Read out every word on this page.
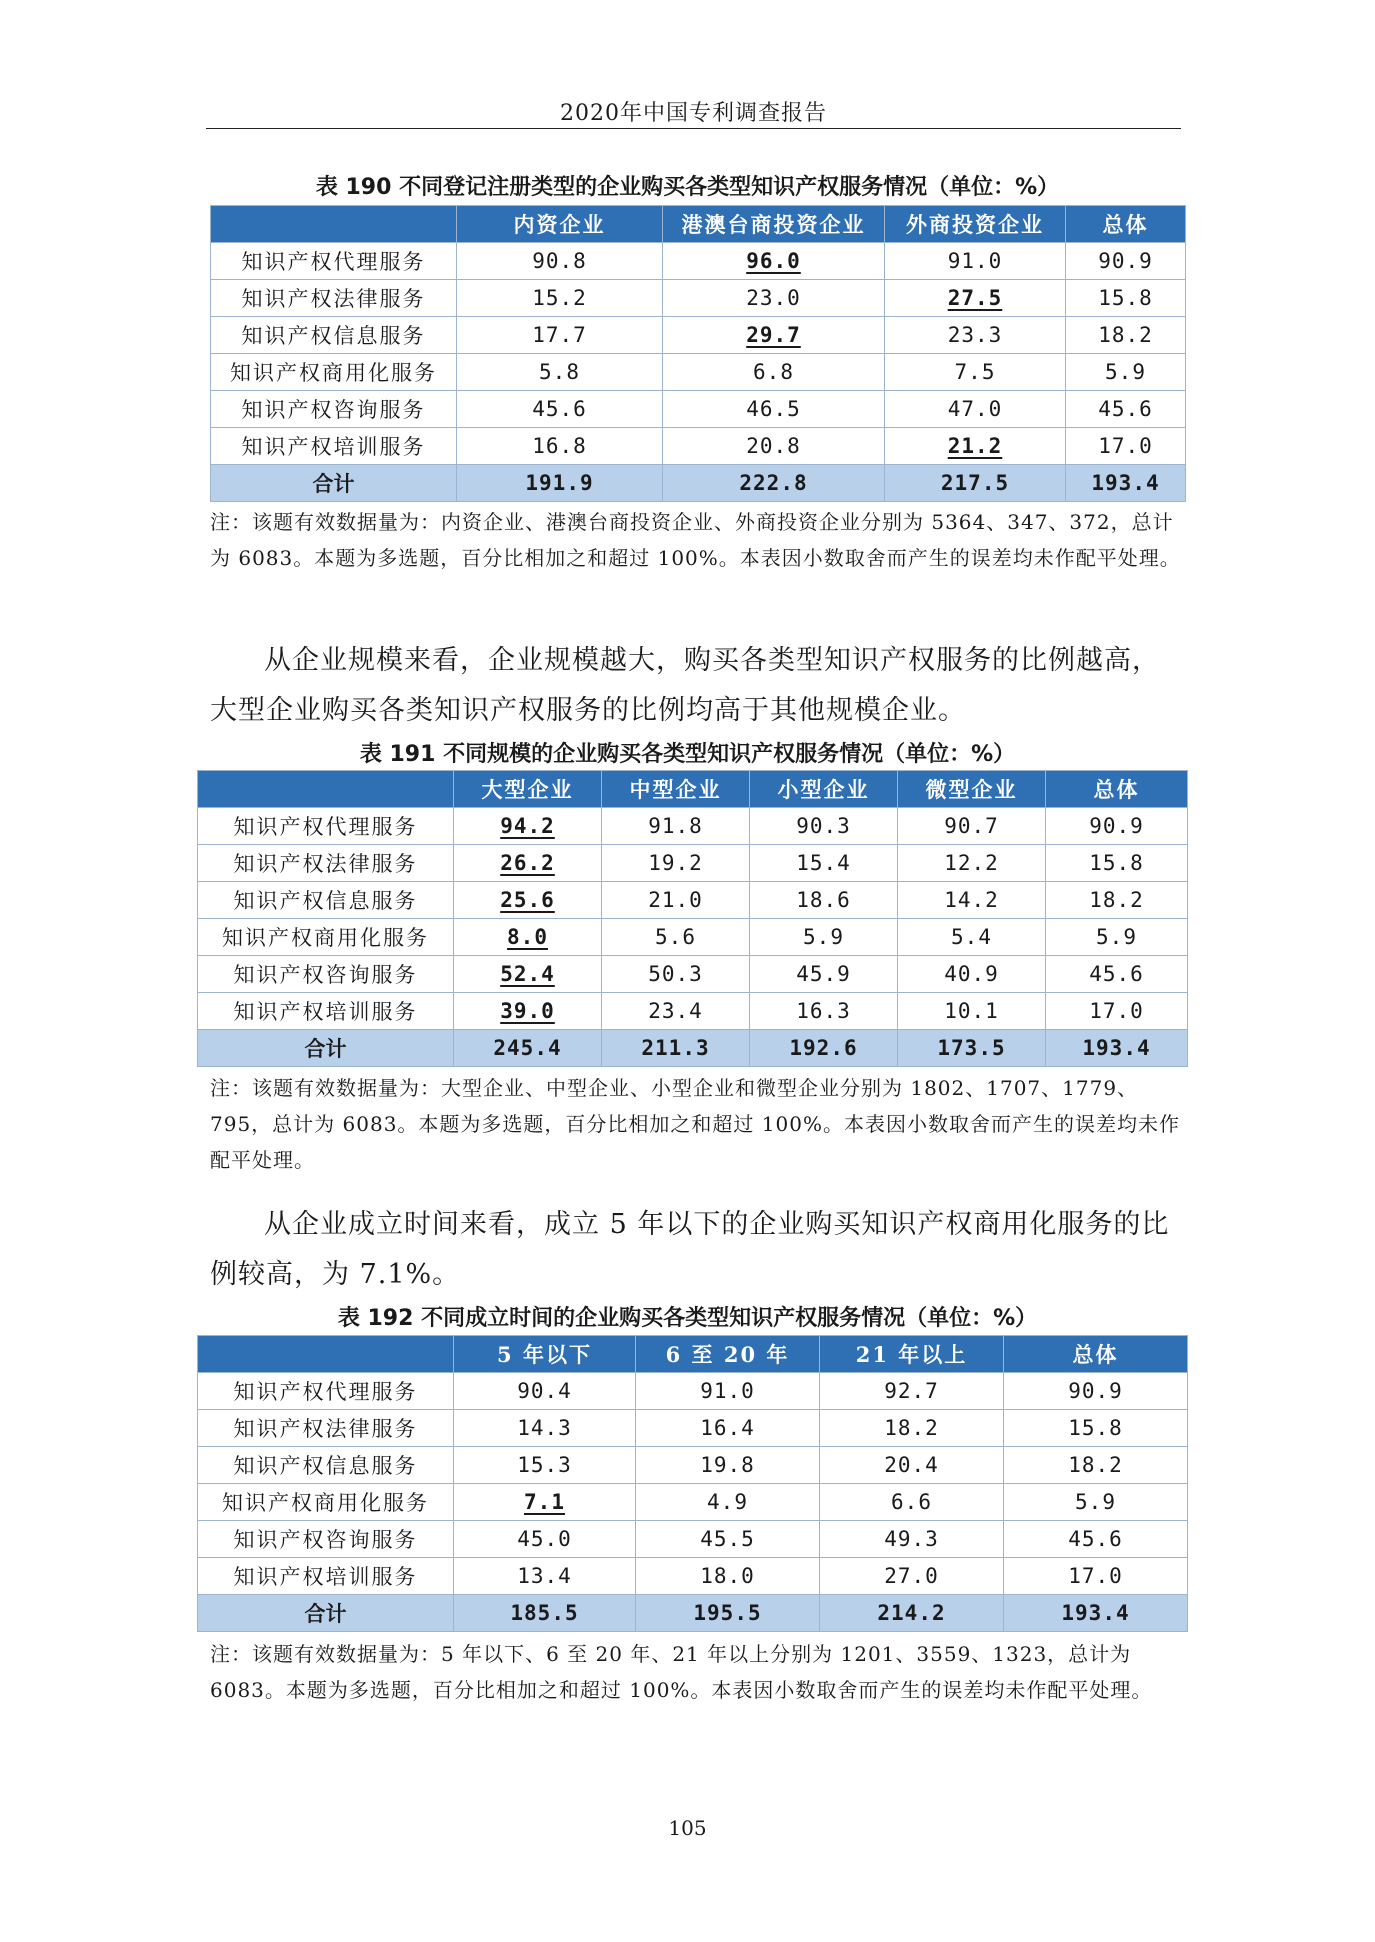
2020年中国专利调查报告
表 190 不同登记注册类型的企业购买各类型知识产权服务情况（单位：%）
	内资企业	港澳台商投资企业	外商投资企业	总体
知识产权代理服务	90.8	96.0	91.0	90.9
知识产权法律服务	15.2	23.0	27.5	15.8
知识产权信息服务	17.7	29.7	23.3	18.2
知识产权商用化服务	5.8	6.8	7.5	5.9
知识产权咨询服务	45.6	46.5	47.0	45.6
知识产权培训服务	16.8	20.8	21.2	17.0
合计	191.9	222.8	217.5	193.4
注：该题有效数据量为：内资企业、港澳台商投资企业、外商投资企业分别为 5364、347、372，总计为 6083。本题为多选题，百分比相加之和超过 100%。本表因小数取舍而产生的误差均未作配平处理。
从企业规模来看，企业规模越大，购买各类型知识产权服务的比例越高，大型企业购买各类知识产权服务的比例均高于其他规模企业。
表 191 不同规模的企业购买各类型知识产权服务情况（单位：%）
	大型企业	中型企业	小型企业	微型企业	总体
知识产权代理服务	94.2	91.8	90.3	90.7	90.9
知识产权法律服务	26.2	19.2	15.4	12.2	15.8
知识产权信息服务	25.6	21.0	18.6	14.2	18.2
知识产权商用化服务	8.0	5.6	5.9	5.4	5.9
知识产权咨询服务	52.4	50.3	45.9	40.9	45.6
知识产权培训服务	39.0	23.4	16.3	10.1	17.0
合计	245.4	211.3	192.6	173.5	193.4
注：该题有效数据量为：大型企业、中型企业、小型企业和微型企业分别为 1802、1707、1779、795，总计为 6083。本题为多选题，百分比相加之和超过 100%。本表因小数取舍而产生的误差均未作配平处理。
从企业成立时间来看，成立 5 年以下的企业购买知识产权商用化服务的比例较高，为 7.1%。
表 192 不同成立时间的企业购买各类型知识产权服务情况（单位：%）
	5 年以下	6 至 20 年	21 年以上	总体
知识产权代理服务	90.4	91.0	92.7	90.9
知识产权法律服务	14.3	16.4	18.2	15.8
知识产权信息服务	15.3	19.8	20.4	18.2
知识产权商用化服务	7.1	4.9	6.6	5.9
知识产权咨询服务	45.0	45.5	49.3	45.6
知识产权培训服务	13.4	18.0	27.0	17.0
合计	185.5	195.5	214.2	193.4
注：该题有效数据量为：5 年以下、6 至 20 年、21 年以上分别为 1201、3559、1323，总计为 6083。本题为多选题，百分比相加之和超过 100%。本表因小数取舍而产生的误差均未作配平处理。
105
